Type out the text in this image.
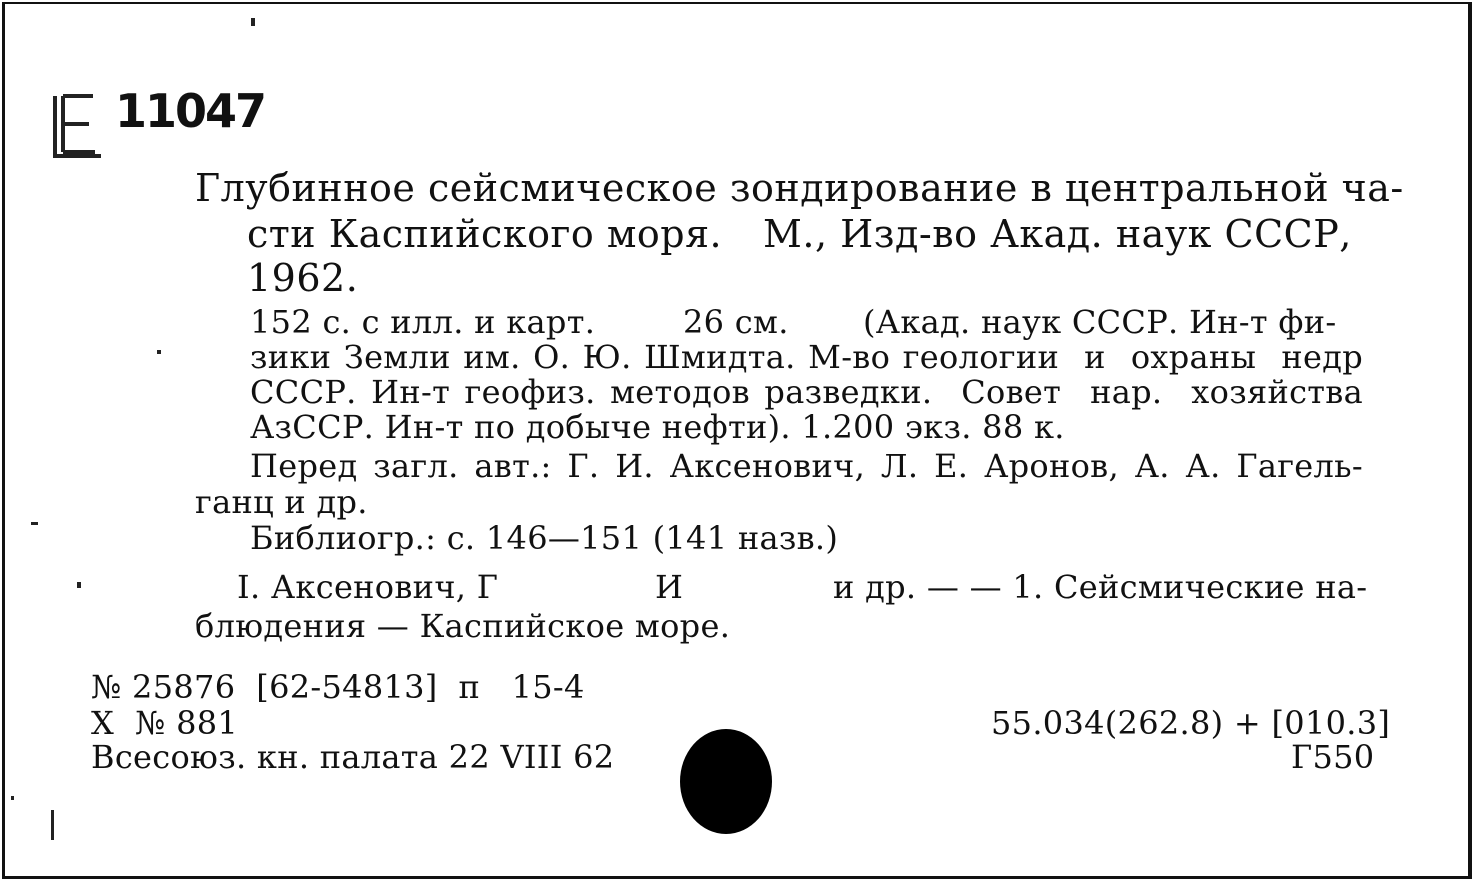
11047
Глубинное сейсмическое зондирование в центральной ча-
сти Каспийского моря. М., Изд-во Акад. наук СССР,
1962.
152 с. с илл. и карт.	26 см. (Акад. наук СССР. Ин-т фи-
зики Земли им. О. Ю. Шмидта. М-во геологии  и  охраны  недр
СССР. Ин-т геофиз. методов разведки.  Совет  нар.  хозяйства
АзССР. Ин-т по добыче нефти). 1.200 экз. 88 к.
Перед загл. авт.: Г. И. Аксенович, Л. Е. Аронов, А. А. Гагель-
ганц и др.
Библиогр.: с. 146—151 (141 назв.)
I. Аксенович, Г	И	и др. — — 1. Сейсмические на-
блюдения — Каспийское море.
№ 25876  [62-54813]  п   15-4
Х  № 881
Всесоюз. кн. палата 22 VIII 62
55.034(262.8) + [010.3]
Г550
